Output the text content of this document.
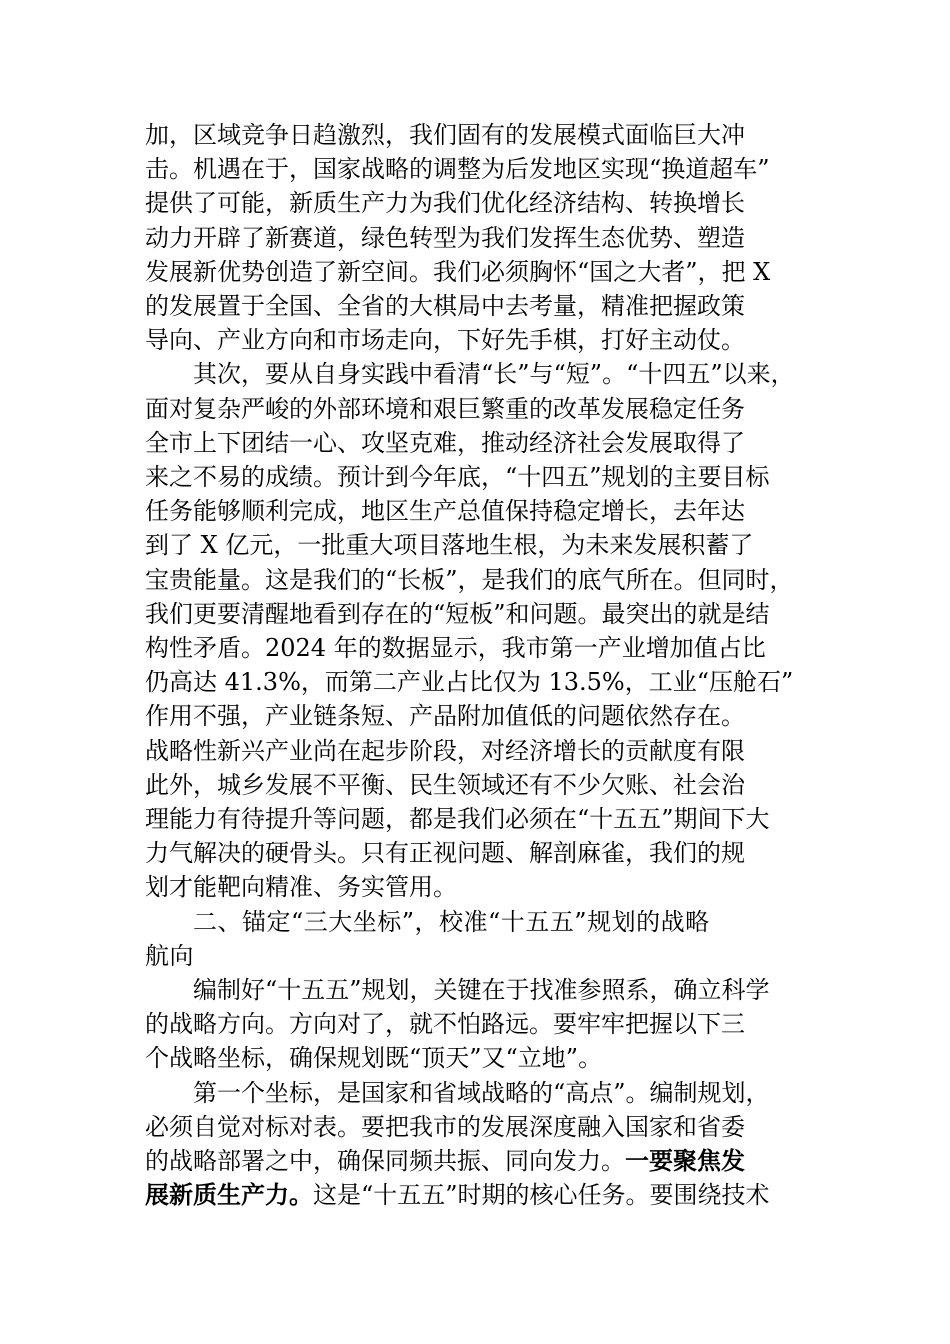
加，区域竞争日趋激烈，我们固有的发展模式面临巨大冲
击。机遇在于，国家战略的调整为后发地区实现“换道超车”
提供了可能，新质生产力为我们优化经济结构、转换增长
动力开辟了新赛道，绿色转型为我们发挥生态优势、塑造
发展新优势创造了新空间。我们必须胸怀“国之大者”，把 X
的发展置于全国、全省的大棋局中去考量，精准把握政策
导向、产业方向和市场走向，下好先手棋，打好主动仗。
其次，要从自身实践中看清“长”与“短”。“十四五”以来，
面对复杂严峻的外部环境和艰巨繁重的改革发展稳定任务
全市上下团结一心、攻坚克难，推动经济社会发展取得了
来之不易的成绩。预计到今年底，“十四五”规划的主要目标
任务能够顺利完成，地区生产总值保持稳定增长，去年达
到了 X 亿元，一批重大项目落地生根，为未来发展积蓄了
宝贵能量。这是我们的“长板”，是我们的底气所在。但同时，
我们更要清醒地看到存在的“短板”和问题。最突出的就是结
构性矛盾。2024 年的数据显示，我市第一产业增加值占比
仍高达 41.3%，而第二产业占比仅为 13.5%，工业“压舱石”
作用不强，产业链条短、产品附加值低的问题依然存在。
战略性新兴产业尚在起步阶段，对经济增长的贡献度有限
此外，城乡发展不平衡、民生领域还有不少欠账、社会治
理能力有待提升等问题，都是我们必须在“十五五”期间下大
力气解决的硬骨头。只有正视问题、解剖麻雀，我们的规
划才能靶向精准、务实管用。
二、锚定“三大坐标”，校准“十五五”规划的战略
航向
编制好“十五五”规划，关键在于找准参照系，确立科学
的战略方向。方向对了，就不怕路远。要牢牢把握以下三
个战略坐标，确保规划既“顶天”又“立地”。
第一个坐标，是国家和省域战略的“高点”。编制规划，
必须自觉对标对表。要把我市的发展深度融入国家和省委
的战略部署之中，确保同频共振、同向发力。一要聚焦发
展新质生产力。这是“十五五”时期的核心任务。要围绕技术
